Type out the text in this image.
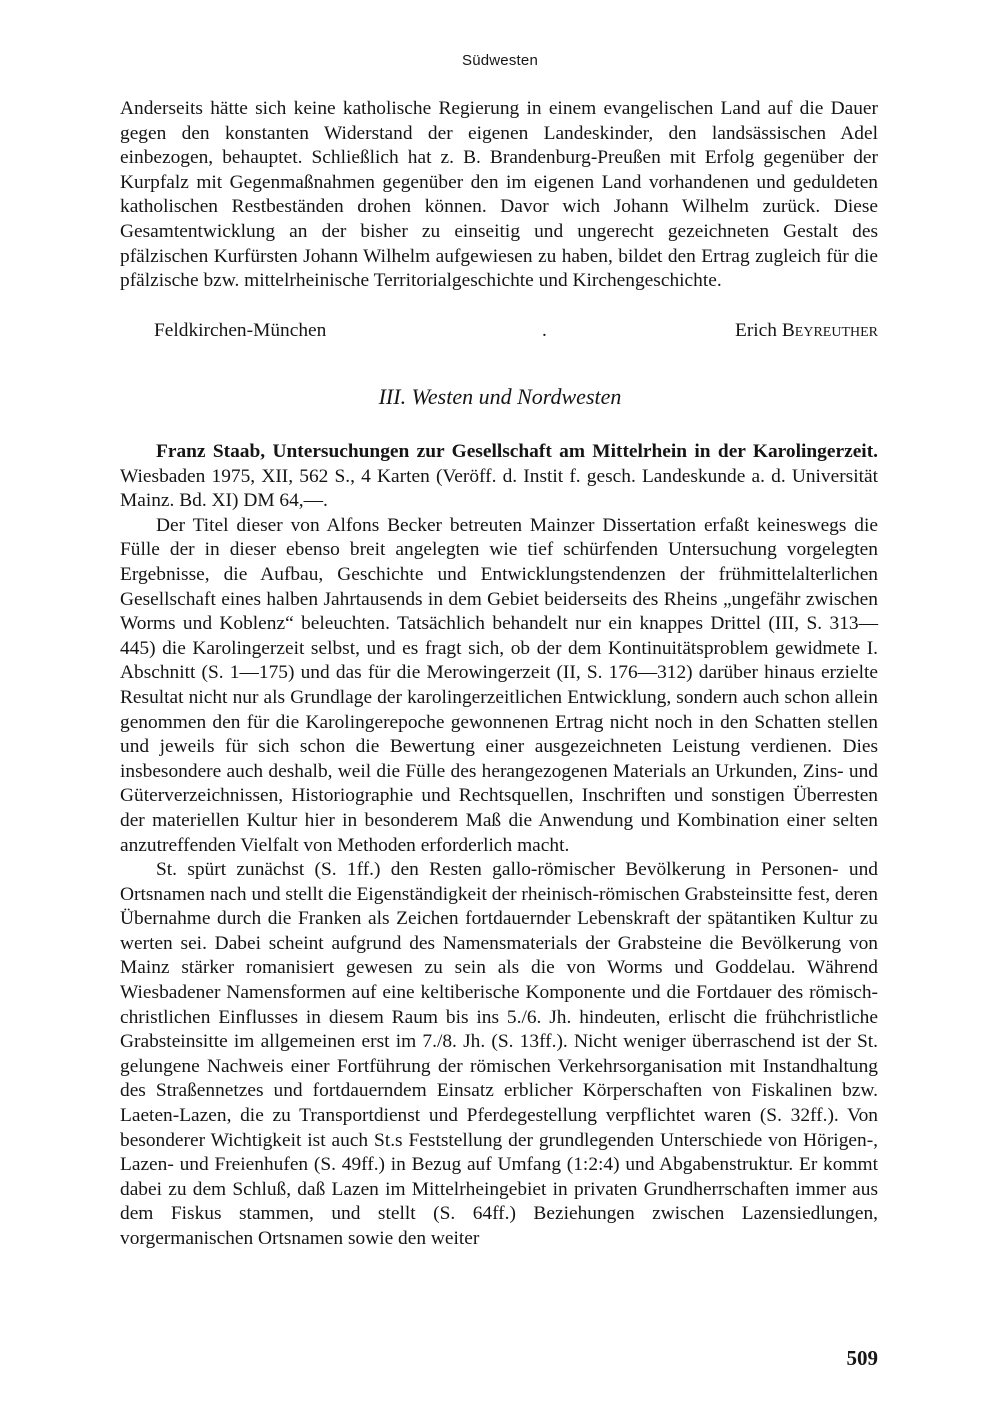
Südwesten

Anderseits hätte sich keine katholische Regierung in einem evangelischen Land auf die Dauer gegen den konstanten Widerstand der eigenen Landeskinder, den landsässischen Adel einbezogen, behauptet. Schließlich hat z. B. Brandenburg-Preußen mit Erfolg gegenüber der Kurpfalz mit Gegenmaßnahmen gegenüber den im eigenen Land vorhandenen und geduldeten katholischen Restbeständen drohen können. Davor wich Johann Wilhelm zurück. Diese Gesamtentwicklung an der bisher zu einseitig und ungerecht gezeichneten Gestalt des pfälzischen Kurfürsten Johann Wilhelm aufgewiesen zu haben, bildet den Ertrag zugleich für die pfälzische bzw. mittelrheinische Territorialgeschichte und Kirchengeschichte.

Feldkirchen-München	.	Erich Beyreuther
III. Westen und Nordwesten

Franz Staab, Untersuchungen zur Gesellschaft am Mittelrhein in der Karolingerzeit. Wiesbaden 1975, XII, 562 S., 4 Karten (Veröff. d. Instit f. gesch. Landeskunde a. d. Universität Mainz. Bd. XI) DM 64,—.

Der Titel dieser von Alfons Becker betreuten Mainzer Dissertation erfaßt keineswegs die Fülle der in dieser ebenso breit angelegten wie tief schürfenden Untersuchung vorgelegten Ergebnisse, die Aufbau, Geschichte und Entwicklungstendenzen der frühmittelalterlichen Gesellschaft eines halben Jahrtausends in dem Gebiet beiderseits des Rheins „ungefähr zwischen Worms und Koblenz“ beleuchten. Tatsächlich behandelt nur ein knappes Drittel (III, S. 313—445) die Karolingerzeit selbst, und es fragt sich, ob der dem Kontinuitätsproblem gewidmete I. Abschnitt (S. 1—175) und das für die Merowingerzeit (II, S. 176—312) darüber hinaus erzielte Resultat nicht nur als Grundlage der karolingerzeitlichen Entwicklung, sondern auch schon allein genommen den für die Karolingerepoche gewonnenen Ertrag nicht noch in den Schatten stellen und jeweils für sich schon die Bewertung einer ausgezeichneten Leistung verdienen. Dies insbesondere auch deshalb, weil die Fülle des herangezogenen Materials an Urkunden, Zins- und Güterverzeichnissen, Historiographie und Rechtsquellen, Inschriften und sonstigen Überresten der materiellen Kultur hier in besonderem Maß die Anwendung und Kombination einer selten anzutreffenden Vielfalt von Methoden erforderlich macht.

St. spürt zunächst (S. 1ff.) den Resten gallo-römischer Bevölkerung in Personen- und Ortsnamen nach und stellt die Eigenständigkeit der rheinisch-römischen Grabsteinsitte fest, deren Übernahme durch die Franken als Zeichen fortdauernder Lebenskraft der spätantiken Kultur zu werten sei. Dabei scheint aufgrund des Namensmaterials der Grabsteine die Bevölkerung von Mainz stärker romanisiert gewesen zu sein als die von Worms und Goddelau. Während Wiesbadener Namensformen auf eine keltiberische Komponente und die Fortdauer des römisch-christlichen Einflusses in diesem Raum bis ins 5./6. Jh. hindeuten, erlischt die frühchristliche Grabsteinsitte im allgemeinen erst im 7./8. Jh. (S. 13ff.). Nicht weniger überraschend ist der St. gelungene Nachweis einer Fortführung der römischen Verkehrsorganisation mit Instandhaltung des Straßennetzes und fortdauerndem Einsatz erblicher Körperschaften von Fiskalinen bzw. Laeten-Lazen, die zu Transportdienst und Pferdegestellung verpflichtet waren (S. 32ff.). Von besonderer Wichtigkeit ist auch St.s Feststellung der grundlegenden Unterschiede von Hörigen-, Lazen- und Freienhufen (S. 49ff.) in Bezug auf Umfang (1:2:4) und Abgabenstruktur. Er kommt dabei zu dem Schluß, daß Lazen im Mittelrheingebiet in privaten Grundherrschaften immer aus dem Fiskus stammen, und stellt (S. 64ff.) Beziehungen zwischen Lazensiedlungen, vorgermanischen Ortsnamen sowie den weiter

509
